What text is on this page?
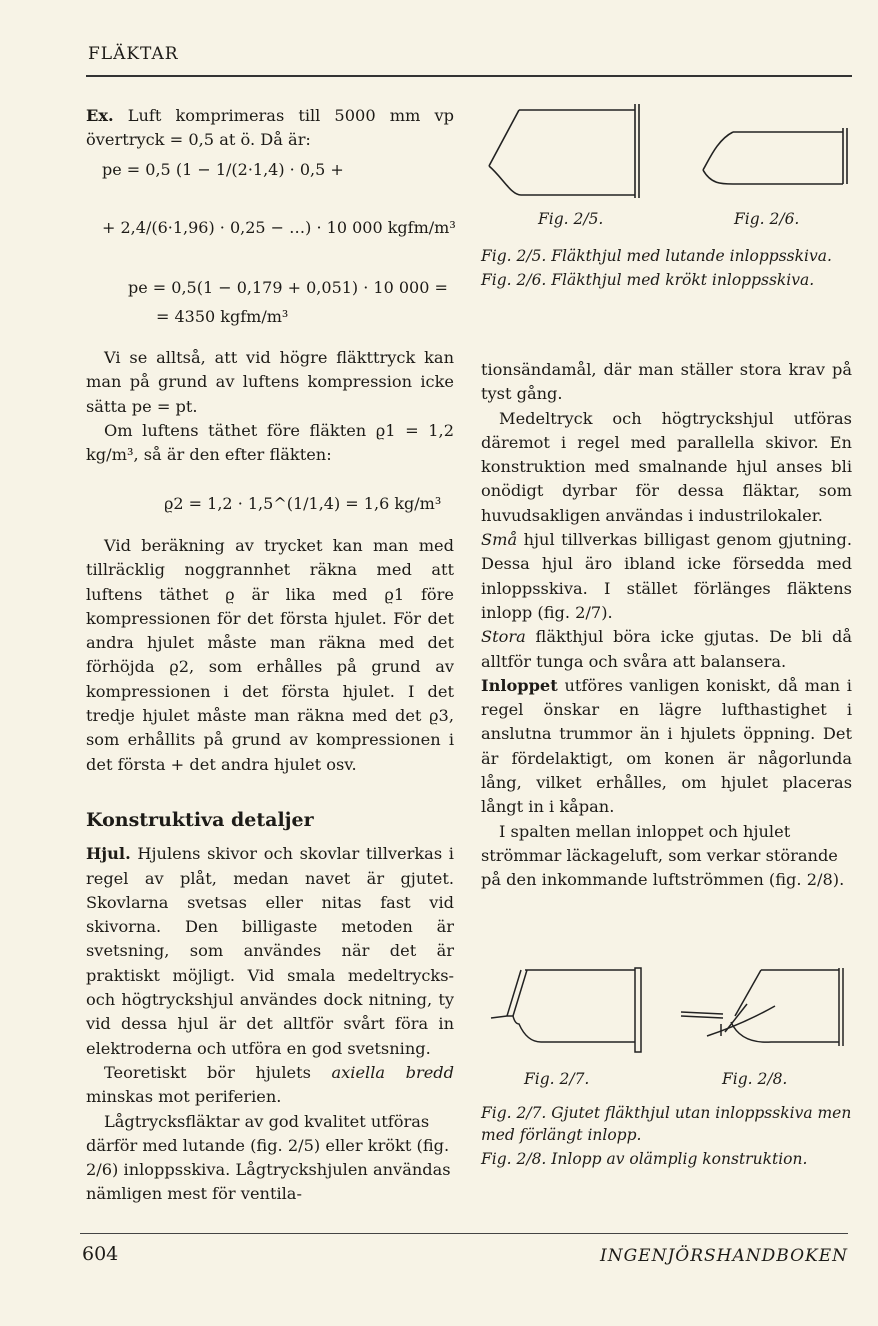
FLÄKTAR

Ex. Luft komprimeras till 5000 mm vp övertryck = 0,5 at ö. Då är:

pe = 0,5 (1 − 1/(2·1,4) · 0,5 +
+ 2,4/(6·1,96) · 0,25 − …) · 10 000 kgfm/m³
pe = 0,5(1 − 0,179 + 0,051) · 10 000 =
= 4350 kgfm/m³

Vi se alltså, att vid högre fläkttryck kan man på grund av luftens kompression icke sätta pe = pt.

Om luftens täthet före fläkten ϱ1 = 1,2 kg/m³, så är den efter fläkten:

ϱ2 = 1,2 · 1,5^(1/1,4) = 1,6 kg/m³

Vid beräkning av trycket kan man med tillräcklig noggrannhet räkna med att luftens täthet ϱ är lika med ϱ1 före kompressionen för det första hjulet. För det andra hjulet måste man räkna med det förhöjda ϱ2, som erhålles på grund av kompressionen i det första hjulet. I det tredje hjulet måste man räkna med det ϱ3, som erhållits på grund av kompressionen i det första + det andra hjulet osv.

Konstruktiva detaljer

Hjul. Hjulens skivor och skovlar tillverkas i regel av plåt, medan navet är gjutet. Skovlarna svetsas eller nitas fast vid skivorna. Den billigaste metoden är svetsning, som användes när det är praktiskt möjligt. Vid smala medeltrycks- och högtryckshjul användes dock nitning, ty vid dessa hjul är det alltför svårt föra in elektroderna och utföra en god svetsning.

Teoretiskt bör hjulets axiella bredd minskas mot periferien.

Lågtrycksfläktar av god kvalitet utföras därför med lutande (fig. 2/5) eller krökt (fig. 2/6) inloppsskiva. Lågtryckshjulen användas nämligen mest för ventila-

Fig. 2/5.	Fig. 2/6.

Fig. 2/5. Fläkthjul med lutande inloppsskiva.

Fig. 2/6. Fläkthjul med krökt inloppsskiva.

tionsändamål, där man ställer stora krav på tyst gång.

Medeltryck och högtryckshjul utföras däremot i regel med parallella skivor. En konstruktion med smalnande hjul anses bli onödigt dyrbar för dessa fläktar, som huvudsakligen användas i industrilokaler.

Små hjul tillverkas billigast genom gjutning. Dessa hjul äro ibland icke försedda med inloppsskiva. I stället förlänges fläktens inlopp (fig. 2/7).

Stora fläkthjul böra icke gjutas. De bli då alltför tunga och svåra att balansera.

Inloppet utföres vanligen koniskt, då man i regel önskar en lägre lufthastighet i anslutna trummor än i hjulets öppning. Det är fördelaktigt, om konen är någorlunda lång, vilket erhålles, om hjulet placeras långt in i kåpan.

I spalten mellan inloppet och hjulet strömmar läckageluft, som verkar störande på den inkommande luftströmmen (fig. 2/8).

Fig. 2/7.	Fig. 2/8.

Fig. 2/7. Gjutet fläkthjul utan inloppsskiva men med förlängt inlopp.

Fig. 2/8. Inlopp av olämplig konstruktion.

604	INGENJÖRSHANDBOKEN
